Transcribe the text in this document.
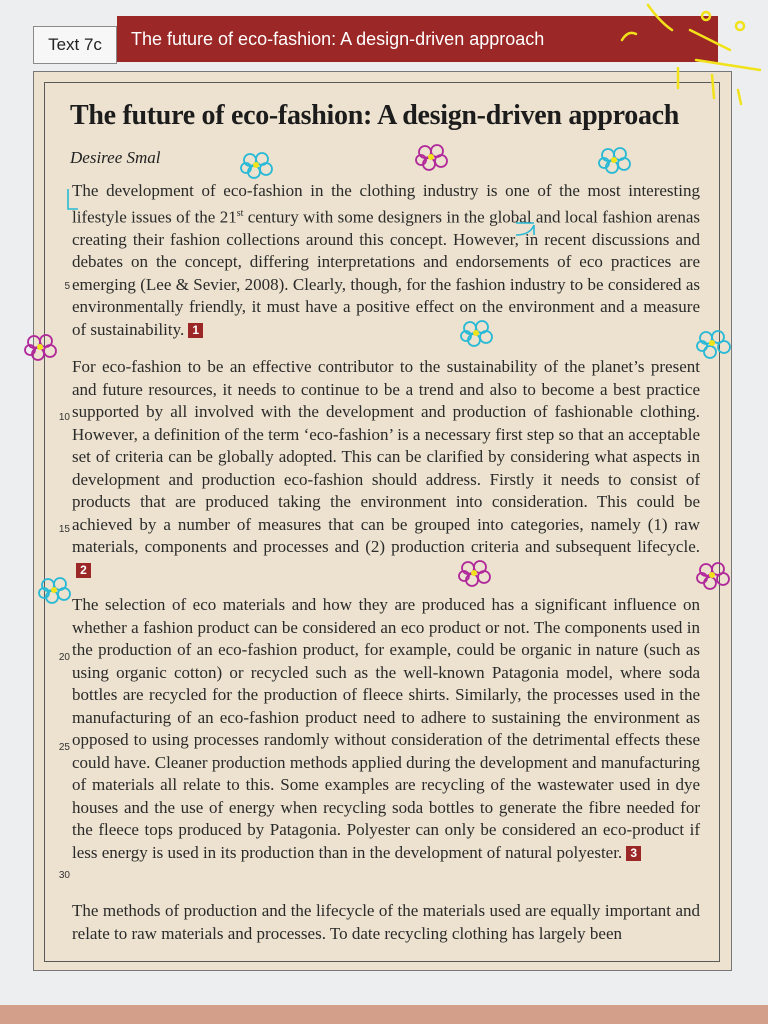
Text 7c	The future of eco-fashion: A design-driven approach
The future of eco-fashion: A design-driven approach
Desiree Smal

The development of eco-fashion in the clothing industry is one of the most interesting lifestyle issues of the 21st century with some designers in the global and local fashion arenas creating their fashion collections around this concept. However, in recent discussions and debates on the concept, differing interpretations and endorsements of eco practices are emerging (Lee & Sevier, 2008). Clearly, though, for the fashion industry to be considered as environmentally friendly, it must have a positive effect on the environment and a measure of sustainability. 1

For eco-fashion to be an effective contributor to the sustainability of the planet’s present and future resources, it needs to continue to be a trend and also to become a best practice supported by all involved with the development and production of fashionable clothing. However, a definition of the term ‘eco-fashion’ is a necessary first step so that an acceptable set of criteria can be globally adopted. This can be clarified by considering what aspects in development and production eco-fashion should address. Firstly it needs to consist of products that are produced taking the environment into consideration. This could be achieved by a number of measures that can be grouped into categories, namely (1) raw materials, components and processes and (2) production criteria and subsequent lifecycle.2

The selection of eco materials and how they are produced has a significant influence on whether a fashion product can be considered an eco product or not. The components used in the production of an eco-fashion product, for example, could be organic in nature (such as using organic cotton) or recycled such as the well-known Patagonia model, where soda bottles are recycled for the production of fleece shirts. Similarly, the processes used in the manufacturing of an eco-fashion product need to adhere to sustaining the environment as opposed to using processes randomly without consideration of the detrimental effects these could have. Cleaner production methods applied during the development and manufacturing of materials all relate to this. Some examples are recycling of the wastewater used in dye houses and the use of energy when recycling soda bottles to generate the fibre needed for the fleece tops produced by Patagonia. Polyester can only be considered an eco-product if less energy is used in its production than in the development of natural polyester. 3

The methods of production and the lifecycle of the materials used are equally important and relate to raw materials and processes. To date recycling clothing has largely been

5
10
15
20
25
30
